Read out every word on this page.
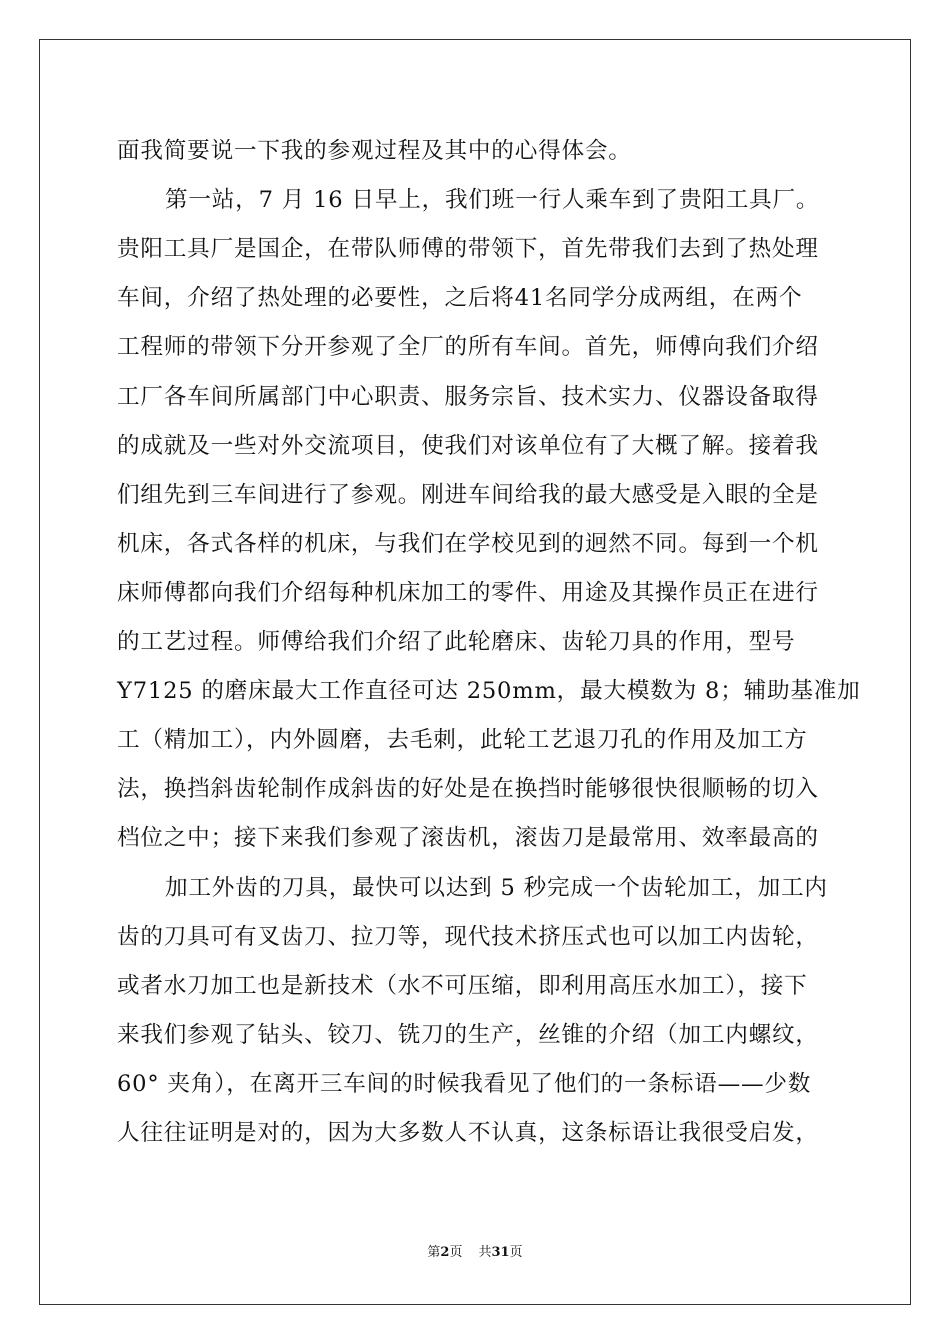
面我简要说一下我的参观过程及其中的心得体会。
第一站，7 月 16 日早上，我们班一行人乘车到了贵阳工具厂。
贵阳工具厂是国企，在带队师傅的带领下，首先带我们去到了热处理
车间，介绍了热处理的必要性，之后将41名同学分成两组，在两个
工程师的带领下分开参观了全厂的所有车间。首先，师傅向我们介绍
工厂各车间所属部门中心职责、服务宗旨、技术实力、仪器设备取得
的成就及一些对外交流项目，使我们对该单位有了大概了解。接着我
们组先到三车间进行了参观。刚进车间给我的最大感受是入眼的全是
机床，各式各样的机床，与我们在学校见到的迥然不同。每到一个机
床师傅都向我们介绍每种机床加工的零件、用途及其操作员正在进行
的工艺过程。师傅给我们介绍了此轮磨床、齿轮刀具的作用，型号
Y7125 的磨床最大工作直径可达 250mm，最大模数为 8；辅助基准加
工（精加工），内外圆磨，去毛刺，此轮工艺退刀孔的作用及加工方
法，换挡斜齿轮制作成斜齿的好处是在换挡时能够很快很顺畅的切入
档位之中；接下来我们参观了滚齿机，滚齿刀是最常用、效率最高的
加工外齿的刀具，最快可以达到 5 秒完成一个齿轮加工，加工内
齿的刀具可有叉齿刀、拉刀等，现代技术挤压式也可以加工内齿轮，
或者水刀加工也是新技术（水不可压缩，即利用高压水加工），接下
来我们参观了钻头、铰刀、铣刀的生产，丝锥的介绍（加工内螺纹，
60° 夹角），在离开三车间的时候我看见了他们的一条标语——少数
人往往证明是对的，因为大多数人不认真，这条标语让我很受启发，
第2页 共31页
